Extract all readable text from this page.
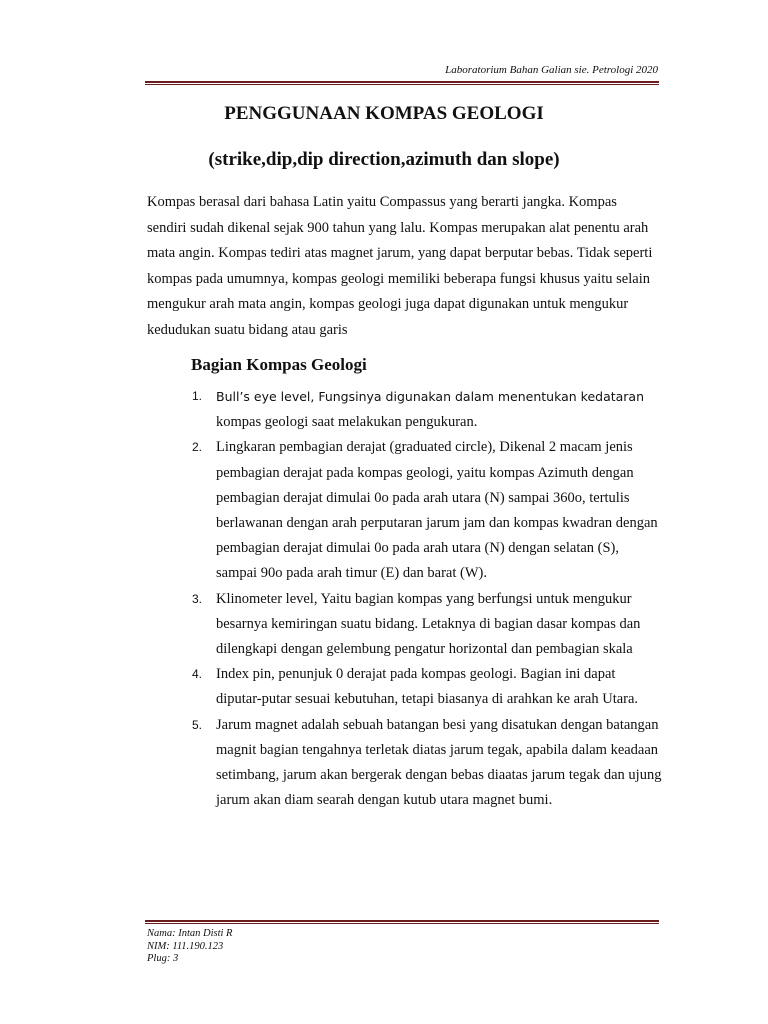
Laboratorium Bahan Galian sie. Petrologi 2020
PENGGUNAAN KOMPAS GEOLOGI
(strike,dip,dip direction,azimuth dan slope)

Kompas berasal dari bahasa Latin yaitu Compassus yang berarti jangka. Kompas sendiri sudah dikenal sejak 900 tahun yang lalu. Kompas merupakan alat penentu arah mata angin. Kompas tediri atas magnet jarum, yang dapat berputar bebas. Tidak seperti kompas pada umumnya, kompas geologi memiliki beberapa fungsi khusus yaitu selain mengukur arah mata angin, kompas geologi juga dapat digunakan untuk mengukur kedudukan suatu bidang atau garis

Bagian Kompas Geologi
1. Bull’s eye level, Fungsinya digunakan dalam menentukan kedataran
kompas geologi saat melakukan pengukuran.
2. Lingkaran pembagian derajat (graduated circle), Dikenal 2 macam jenis pembagian derajat pada kompas geologi, yaitu kompas Azimuth dengan pembagian derajat dimulai 0o pada arah utara (N) sampai 360o, tertulis berlawanan dengan arah perputaran jarum jam dan kompas kwadran dengan pembagian derajat dimulai 0o pada arah utara (N) dengan selatan (S), sampai 90o pada arah timur (E) dan barat (W).
3. Klinometer level, Yaitu bagian kompas yang berfungsi untuk mengukur besarnya kemiringan suatu bidang. Letaknya di bagian dasar kompas dan dilengkapi dengan gelembung pengatur horizontal dan pembagian skala
4. Index pin, penunjuk 0 derajat pada kompas geologi. Bagian ini dapat diputar-putar sesuai kebutuhan, tetapi biasanya di arahkan ke arah Utara.
5. Jarum magnet adalah sebuah batangan besi yang disatukan dengan batangan magnit bagian tengahnya terletak diatas jarum tegak, apabila dalam keadaan setimbang, jarum akan bergerak dengan bebas diaatas jarum tegak dan ujung jarum akan diam searah dengan kutub utara magnet bumi.
Nama: Intan Disti R
NIM: 111.190.123
Plug: 3
